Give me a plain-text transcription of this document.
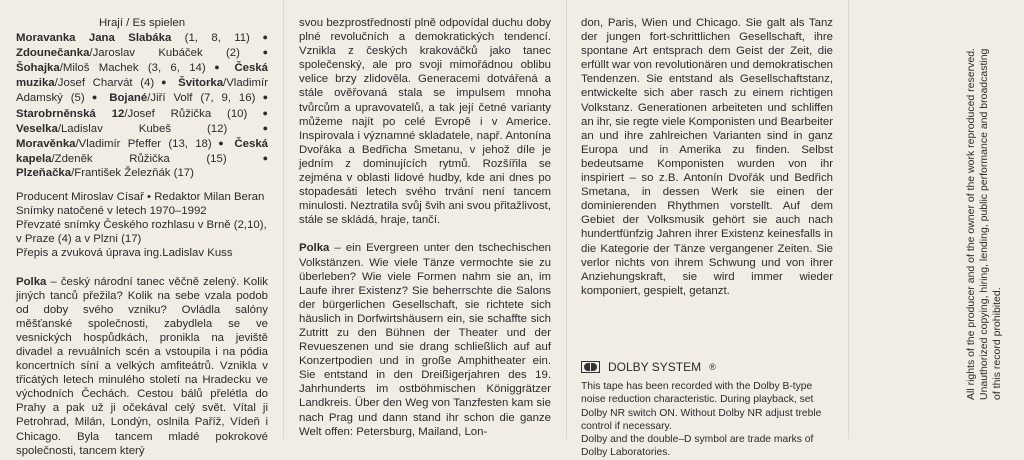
Hrají / Es spielen
Moravanka Jana Slabáka (1, 8, 11) ● Zdounečanka/Jaroslav Kubáček (2) ● Šohajka/Miloš Machek (3, 6, 14) ● Česká muzika/Josef Charvát (4) ● Švitorka/Vladimír Adamský (5) ● Bojané/Jiří Volf (7, 9, 16) ● Starobrněnská 12/Josef Růžička (10) ● Veselka/Ladislav Kubeš (12) ● Moravěnka/Vladimír Pfeffer (13, 18) ● Česká kapela/Zdeněk Růžička (15) ● Plzeňačka/František Železňák (17)
Producent Miroslav Císař • Redaktor Milan Beran
Snímky natočené v letech 1970–1992
Převzaté snímky Českého rozhlasu v Brně (2,10),
v Praze (4) a v Plzni (17)
Přepis a zvuková úprava ing.Ladislav Kuss
Polka – český národní tanec věčně zelený. Kolik jiných tanců přežila? Kolik na sebe vzala podob od doby svého vzniku? Ovládla salóny měšťanské společnosti, zabydlela se ve vesnických hospůdkách, pronikla na jeviště divadel a revuálních scén a vstoupila i na pódia koncertních síní a velkých amfiteátrů. Vznikla v třicátých letech minulého století na Hradecku ve východních Čechách. Cestou bálů přelétla do Prahy a pak už ji očekával celý svět. Vítal ji Petrohrad, Milán, Londýn, oslnila Paříž, Vídeň i Chicago. Byla tancem mladé pokrokové společnosti, tancem který
svou bezprostředností plně odpovídal duchu doby plné revolučních a demokratických tendencí. Vznikla z českých krakováčků jako tanec společenský, ale pro svoji mimořádnou oblibu velice brzy zlidověla. Generacemi dotvářená a stále ověřovaná stala se impulsem mnoha tvůrcům a upravovatelů, a tak její četné varianty můžeme najít po celé Evropě i v Americe. Inspirovala i významné skladatele, např. Antonína Dvořáka a Bedřicha Smetanu, v jehož díle je jedním z dominujících rytmů. Rozšířila se zejména v oblasti lidové hudby, kde ani dnes po stopadesáti letech svého trvání není tancem minulosti. Neztratila svůj švih ani svou přitažlivost, stále se skládá, hraje, tančí.
Polka – ein Evergreen unter den tschechischen Volkstänzen. Wie viele Tänze vermochte sie zu überleben? Wie viele Formen nahm sie an, im Laufe ihrer Existenz? Sie beherrschte die Salons der bürgerlichen Gesellschaft, sie richtete sich häuslich in Dorfwirtshäusern ein, sie schaffte sich Zutritt zu den Bühnen der Theater und der Revueszenen und sie drang schließlich auf auf Konzertpodien und in große Amphitheater ein. Sie entstand in den Dreißigerjahren des 19. Jahrhunderts im ostböhmischen Königgrätzer Landkreis. Über den Weg von Tanzfesten kam sie nach Prag und dann stand ihr schon die ganze Welt offen: Petersburg, Mailand, Lon-
don, Paris, Wien und Chicago. Sie galt als Tanz der jungen fort-schrittlichen Gesellschaft, ihre spontane Art entsprach dem Geist der Zeit, die erfüllt war von revolutionären und demokratischen Tendenzen. Sie entstand als Gesellschaftstanz, entwickelte sich aber rasch zu einem richtigen Volkstanz. Generationen arbeiteten und schliffen an ihr, sie regte viele Komponisten und Bearbeiter an und ihre zahlreichen Varianten sind in ganz Europa und in Amerika zu finden. Selbst bedeutsame Komponisten wurden von ihr inspiriert – so z.B. Antonín Dvořák und Bedřich Smetana, in dessen Werk sie einen der dominierenden Rhythmen vorstellt. Auf dem Gebiet der Volksmusik gehört sie auch nach hundertfünfzig Jahren ihrer Existenz keinesfalls in die Kategorie der Tänze vergangener Zeiten. Sie verlor nichts von ihrem Schwung und von ihrer Anziehungskraft, sie wird immer wieder komponiert, gespielt, getanzt.
DOLBY SYSTEM ®
This tape has been recorded with the Dolby B-type
noise reduction characteristic. During playback, set
Dolby NR switch ON. Without Dolby NR adjust treble
control if necessary.
Dolby and the double–D symbol are trade marks of
Dolby Laboratories.
All rights of the producer and of the owner of the work reproduced reserved. Unauthorized copying, hiring, lending, public performance and broadcasting of this record prohibited.
